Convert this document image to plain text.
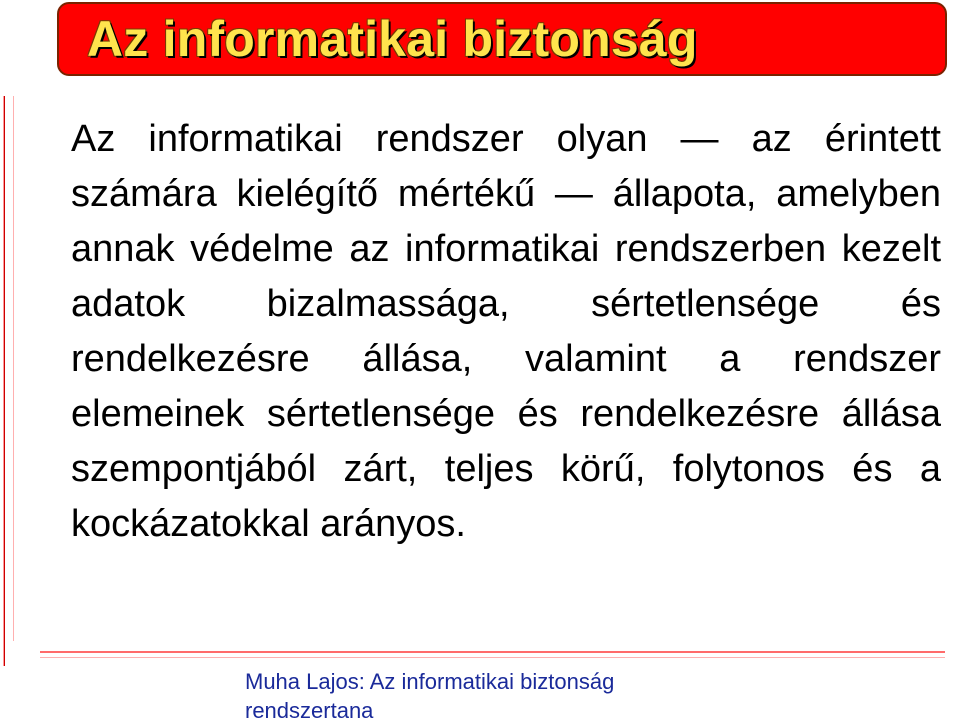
Az informatikai biztonság

Az informatikai rendszer olyan — az érintett számára kielégítő mértékű — állapota, amelyben annak védelme az informatikai rendszerben kezelt adatok bizalmassága, sértetlensége és rendelkezésre állása, valamint a rendszer elemeinek sértetlensége és rendelkezésre állása szempontjából zárt, teljes körű, folytonos és a kockázatokkal arányos.

Muha Lajos: Az informatikai biztonság
rendszertana
